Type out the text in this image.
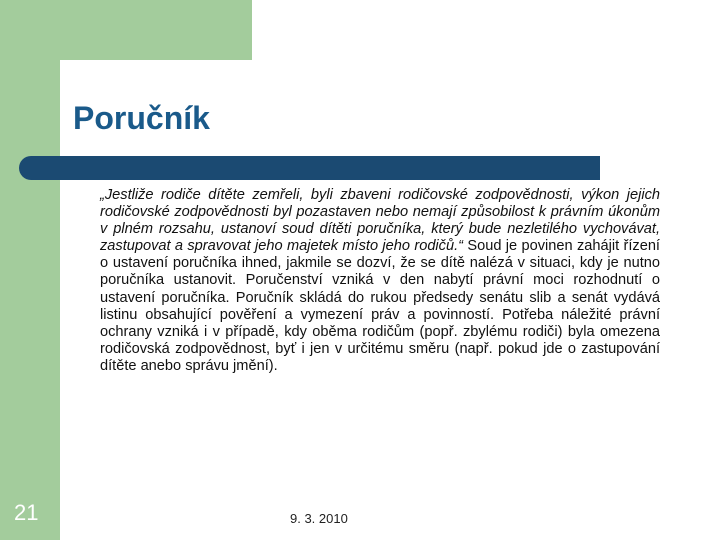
Poručník

„Jestliže rodiče dítěte zemřeli, byli zbaveni rodičovské zodpovědnosti, výkon jejich rodičovské zodpovědnosti byl pozastaven nebo nemají způsobilost k právním úkonům v plném rozsahu, ustanoví soud dítěti poručníka, který bude nezletilého vychovávat, zastupovat a spravovat jeho majetek místo jeho rodičů.“ Soud je povinen zahájit řízení o ustavení poručníka ihned, jakmile se dozví, že se dítě nalézá v situaci, kdy je nutno poručníka ustanovit. Poručenství vzniká v den nabytí právní moci rozhodnutí o ustavení poručníka. Poručník skládá do rukou předsedy senátu slib a senát vydává listinu obsahující pověření a vymezení práv a povinností. Potřeba náležité právní ochrany vzniká i v případě, kdy oběma rodičům (popř. zbylému rodiči) byla omezena rodičovská zodpovědnost, byť i jen v určitému směru (např. pokud jde o zastupování dítěte anebo správu jmění).

21	9. 3. 2010
